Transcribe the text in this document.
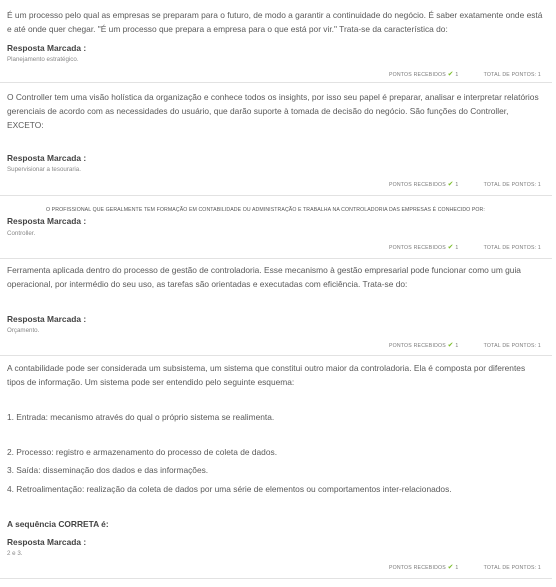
É um processo pelo qual as empresas se preparam para o futuro, de modo a garantir a continuidade do negócio. É saber exatamente onde está e até onde quer chegar. "É um processo que prepara a empresa para o que está por vir." Trata-se da característica do:
Resposta Marcada :
Planejamento estratégico.
PONTOS RECEBIDOS ✔ 1	TOTAL DE PONTOS: 1
O Controller tem uma visão holística da organização e conhece todos os insights, por isso seu papel é preparar, analisar e interpretar relatórios gerenciais de acordo com as necessidades do usuário, que darão suporte à tomada de decisão do negócio. São funções do Controller, EXCETO:
Resposta Marcada :
Supervisionar a tesouraria.
PONTOS RECEBIDOS ✔ 1	TOTAL DE PONTOS: 1
O PROFISSIONAL QUE GERALMENTE TEM FORMAÇÃO EM CONTABILIDADE OU ADMINISTRAÇÃO E TRABALHA NA CONTROLADORIA DAS EMPRESAS É CONHECIDO POR:
Resposta Marcada :
Controller.
PONTOS RECEBIDOS ✔ 1	TOTAL DE PONTOS: 1
Ferramenta aplicada dentro do processo de gestão de controladoria. Esse mecanismo à gestão empresarial pode funcionar como um guia operacional, por intermédio do seu uso, as tarefas são orientadas e executadas com eficiência. Trata-se do:
Resposta Marcada :
Orçamento.
PONTOS RECEBIDOS ✔ 1	TOTAL DE PONTOS: 1
A contabilidade pode ser considerada um subsistema, um sistema que constitui outro maior da controladoria. Ela é composta por diferentes tipos de informação. Um sistema pode ser entendido pelo seguinte esquema:
1. Entrada: mecanismo através do qual o próprio sistema se realimenta.
2. Processo: registro e armazenamento do processo de coleta de dados.
3. Saída: disseminação dos dados e das informações.
4. Retroalimentação: realização da coleta de dados por uma série de elementos ou comportamentos inter-relacionados.
A sequência CORRETA é:
Resposta Marcada :
2 e 3.
PONTOS RECEBIDOS ✔ 1	TOTAL DE PONTOS: 1
